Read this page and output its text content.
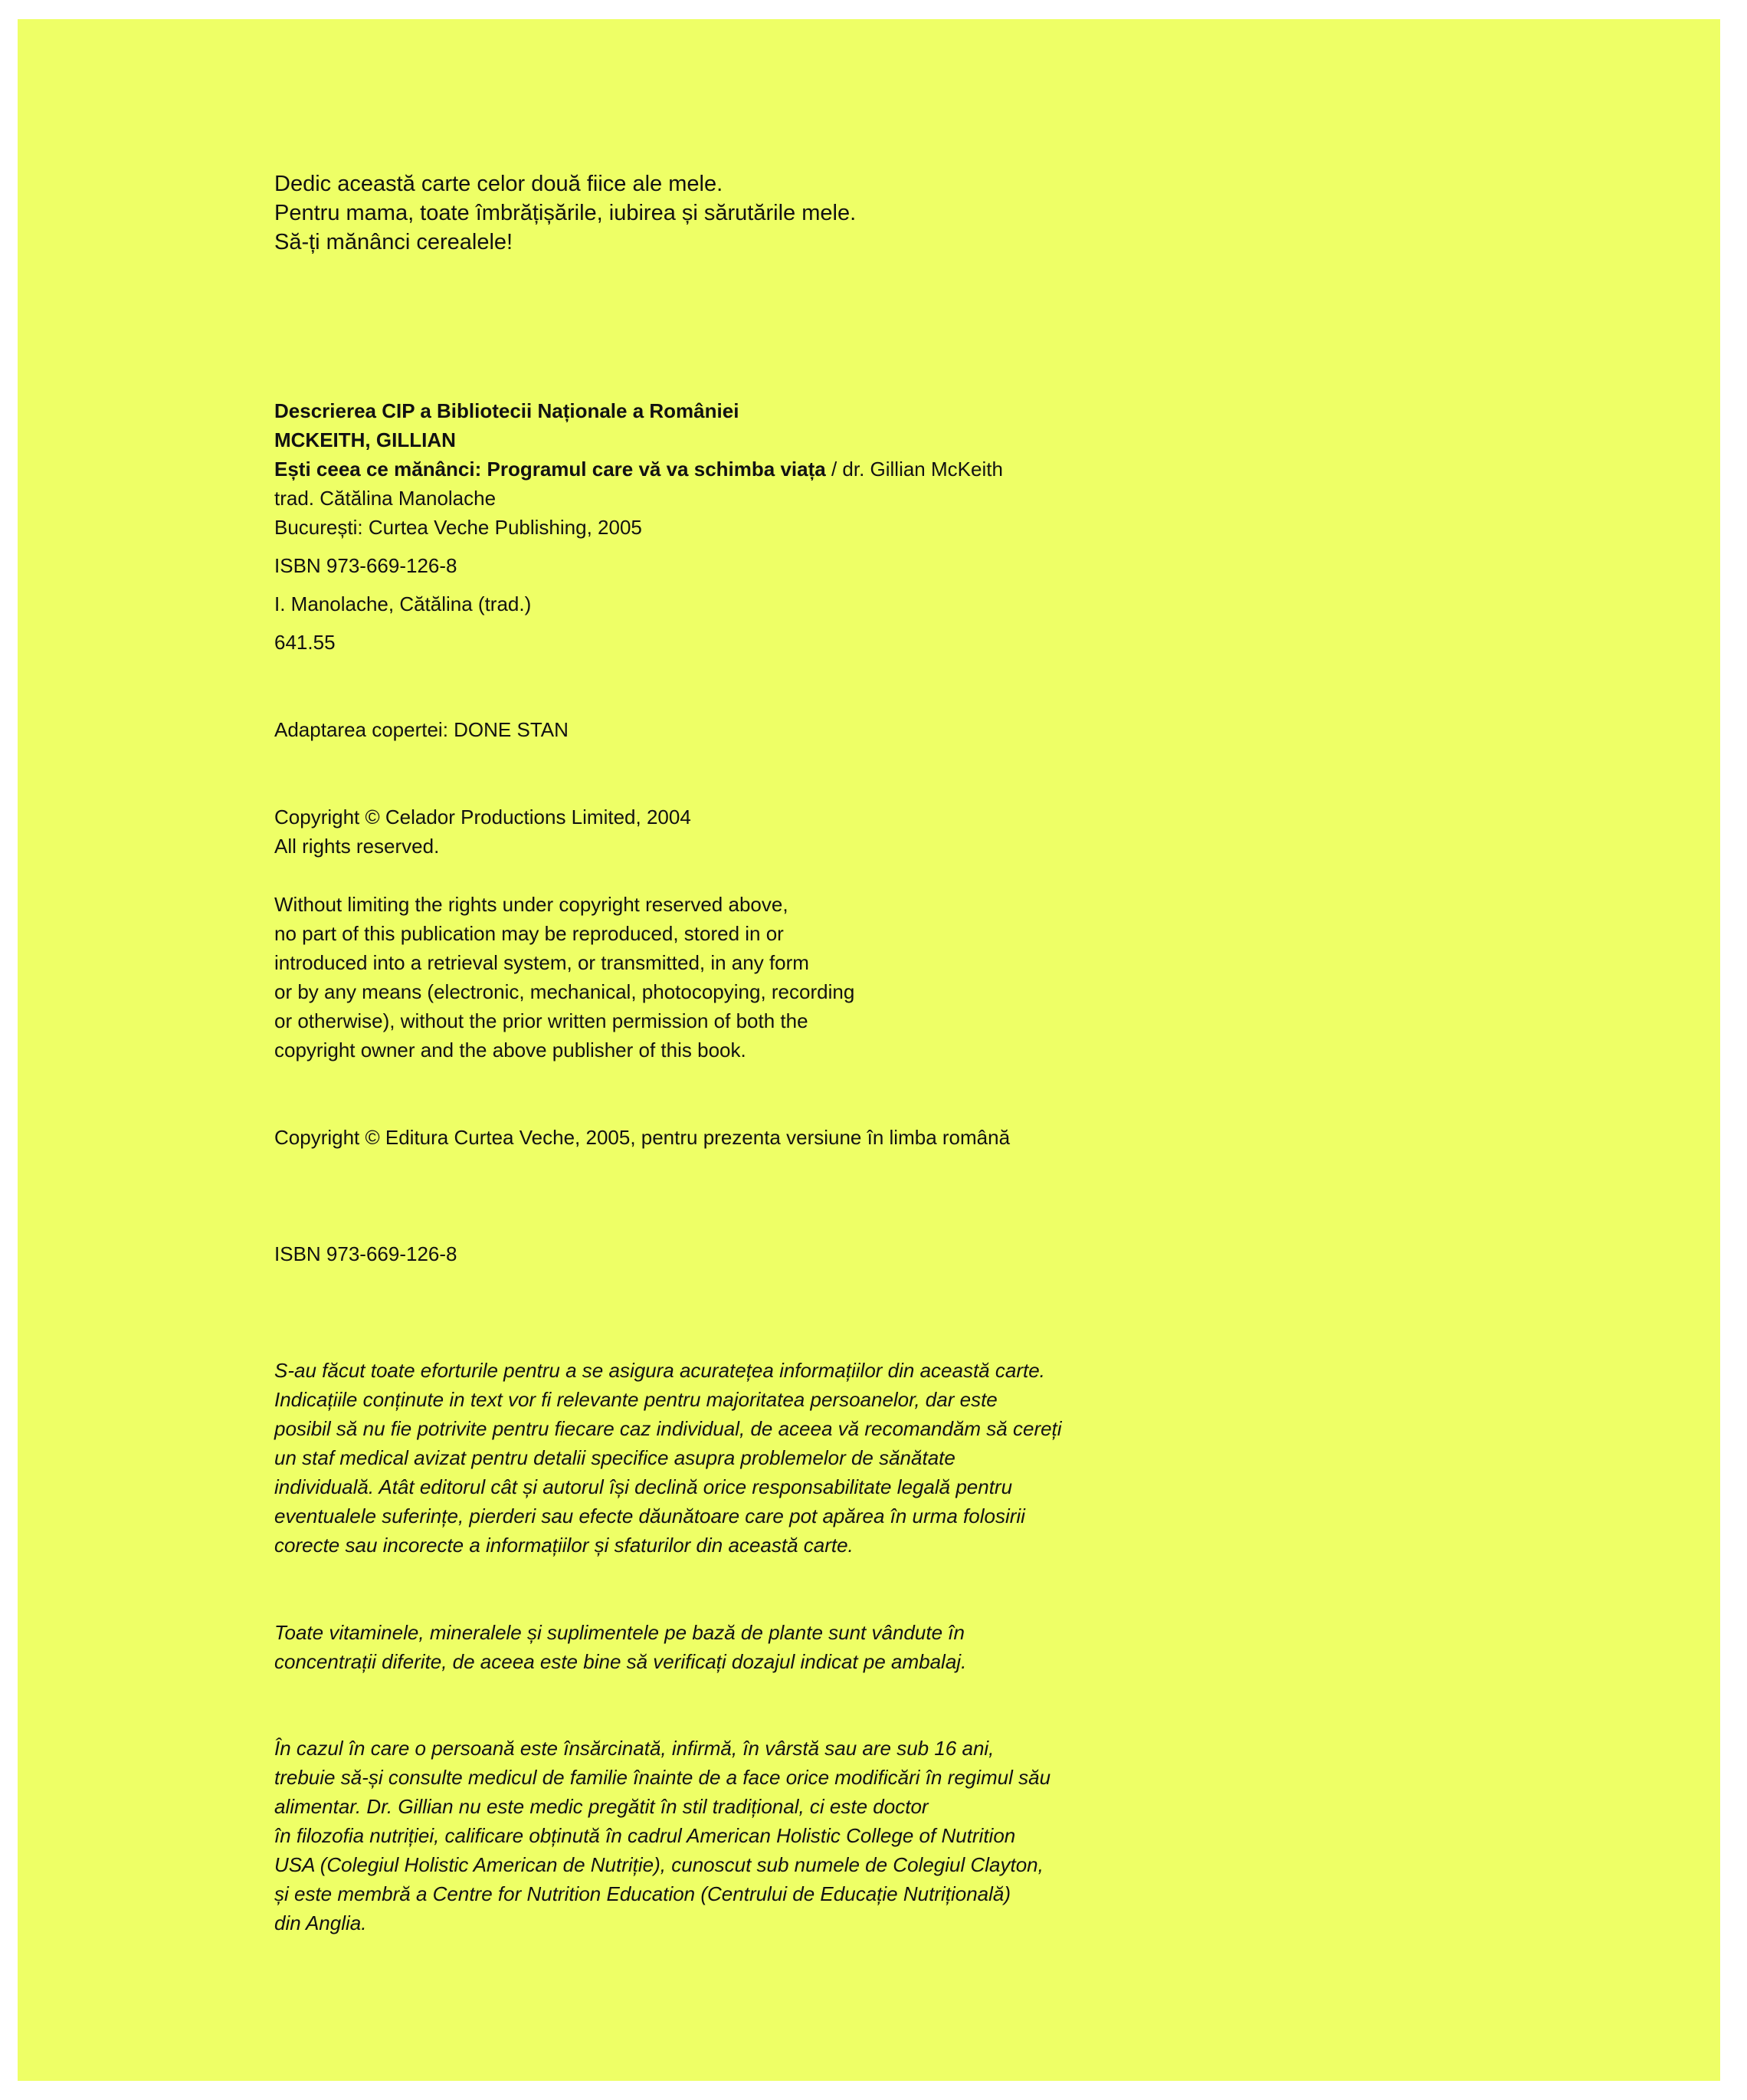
Dedic această carte celor două fiice ale mele.
Pentru mama, toate îmbrățișările, iubirea și sărutările mele.
Să-ți mănânci cerealele!
Descrierea CIP a Bibliotecii Naționale a României
MCKEITH, GILLIAN
Ești ceea ce mănânci: Programul care vă va schimba viața / dr. Gillian McKeith
trad. Cătălina Manolache
București: Curtea Veche Publishing, 2005
ISBN 973-669-126-8
I. Manolache, Cătălina (trad.)
641.55
Adaptarea copertei: DONE STAN
Copyright © Celador Productions Limited, 2004
All rights reserved.
Without limiting the rights under copyright reserved above,
no part of this publication may be reproduced, stored in or
introduced into a retrieval system, or transmitted, in any form
or by any means (electronic, mechanical, photocopying, recording
or otherwise), without the prior written permission of both the
copyright owner and the above publisher of this book.
Copyright © Editura Curtea Veche, 2005, pentru prezenta versiune în limba română
ISBN 973-669-126-8
S-au făcut toate eforturile pentru a se asigura acuratețea informațiilor din această carte.
Indicațiile conținute in text vor fi relevante pentru majoritatea persoanelor, dar este
posibil să nu fie potrivite pentru fiecare caz individual, de aceea vă recomandăm să cereți
un staf medical avizat pentru detalii specifice asupra problemelor de sănătate
individuală. Atât editorul cât și autorul își declină orice responsabilitate legală pentru
eventualele suferințe, pierderi sau efecte dăunătoare care pot apărea în urma folosirii
corecte sau incorecte a informațiilor și sfaturilor din această carte.
Toate vitaminele, mineralele și suplimentele pe bază de plante sunt vândute în
concentrații diferite, de aceea este bine să verificați dozajul indicat pe ambalaj.
În cazul în care o persoană este însărcinată, infirmă, în vârstă sau are sub 16 ani,
trebuie să-și consulte medicul de familie înainte de a face orice modificări în regimul său
alimentar. Dr. Gillian nu este medic pregătit în stil tradițional, ci este doctor
în filozofia nutriției, calificare obținută în cadrul American Holistic College of Nutrition
USA (Colegiul Holistic American de Nutriție), cunoscut sub numele de Colegiul Clayton,
și este membră a Centre for Nutrition Education (Centrului de Educație Nutrițională)
din Anglia.
